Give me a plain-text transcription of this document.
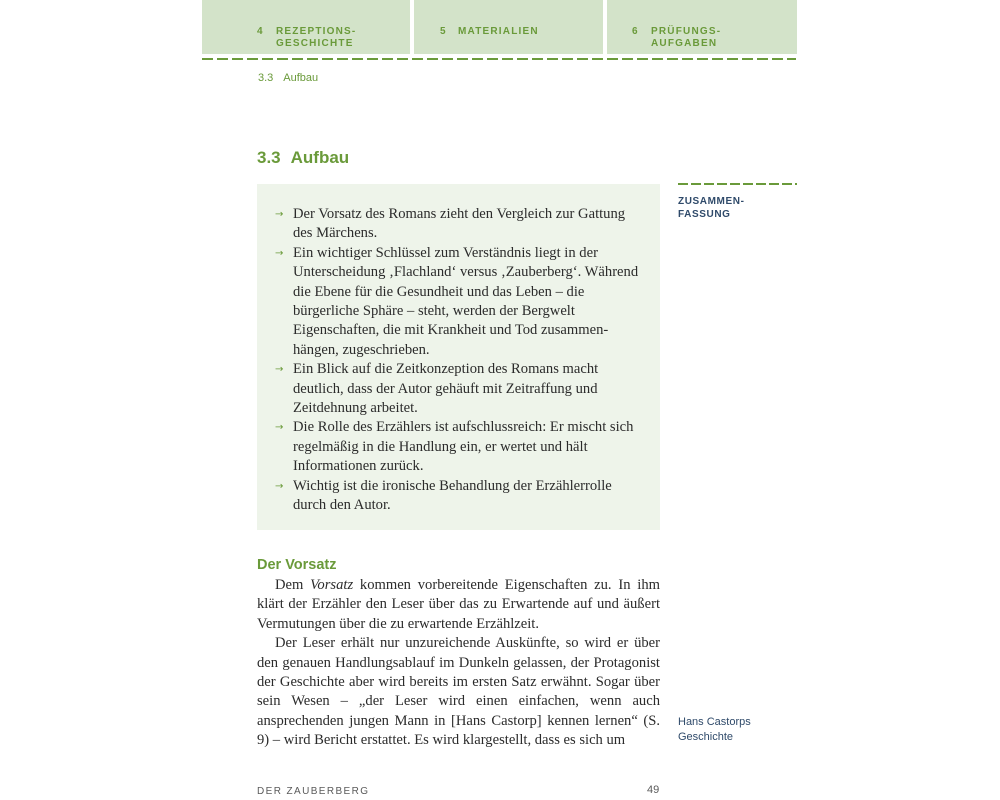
4 REZEPTIONS-
GESCHICHTE
5 MATERIALIEN	6 PRÜFUNGS-
AUFGABEN
3.3 Aufbau
3.3 Aufbau
→ Der Vorsatz des Romans zieht den Vergleich zur Gattung des Märchens.
→ Ein wichtiger Schlüssel zum Verständnis liegt in der Unterscheidung ‚Flachland‘ versus ‚Zauberberg‘. Während die Ebene für die Gesundheit und das Leben – die bürgerliche Sphäre – steht, werden der Bergwelt Eigenschaften, die mit Krankheit und Tod zusammenhängen, zugeschrieben.
→ Ein Blick auf die Zeitkonzeption des Romans macht deutlich, dass der Autor gehäuft mit Zeitraffung und Zeitdehnung arbeitet.
→ Die Rolle des Erzählers ist aufschlussreich: Er mischt sich regelmäßig in die Handlung ein, er wertet und hält Informationen zurück.
→ Wichtig ist die ironische Behandlung der Erzählerrolle durch den Autor.
ZUSAMMEN-
FASSUNG
Der Vorsatz

Dem Vorsatz kommen vorbereitende Eigenschaften zu. In ihm klärt der Erzähler den Leser über das zu Erwartende auf und äußert Vermutungen über die zu erwartende Erzählzeit.

Der Leser erhält nur unzureichende Auskünfte, so wird er über den genauen Handlungsablauf im Dunkeln gelassen, der Protagonist der Geschichte aber wird bereits im ersten Satz erwähnt. Sogar über sein Wesen – „der Leser wird einen einfachen, wenn auch ansprechenden jungen Mann in [Hans Castorp] kennen lernen“ (S. 9) – wird Bericht erstattet. Es wird klargestellt, dass es sich um

Hans Castorps
Geschichte
DER ZAUBERBERG	49
